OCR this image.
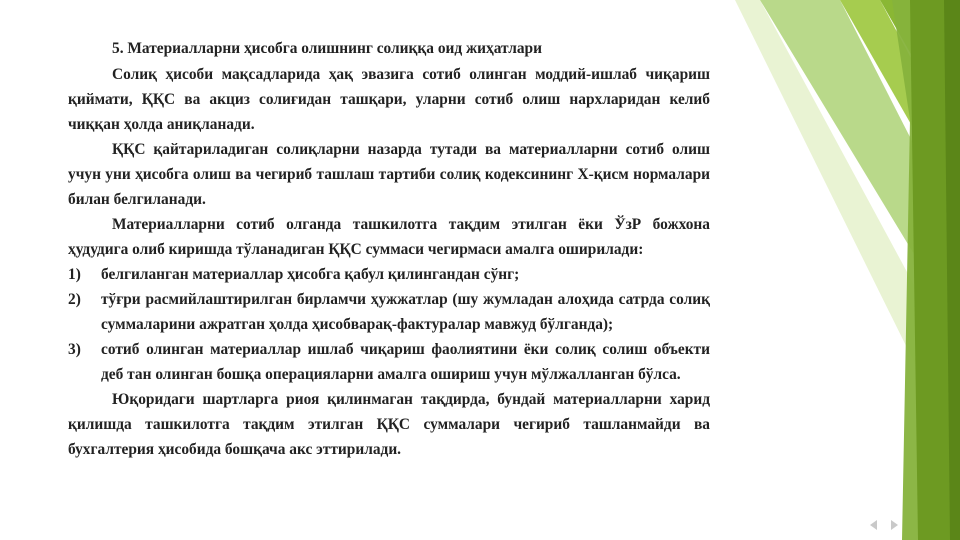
5. Материалларни ҳисобга олишнинг солиққа оид жиҳатлари

Солиқ ҳисоби мақсадларида ҳақ эвазига сотиб олинган моддий-ишлаб чиқариш қиймати, ҚҚС ва акциз солиғидан ташқари, уларни сотиб олиш нархларидан келиб чиққан ҳолда аниқланади.

ҚҚС қайтариладиган солиқларни назарда тутади ва материалларни сотиб олиш учун уни ҳисобга олиш ва чегириб ташлаш тартиби солиқ кодексининг X-қисм нормалари билан белгиланади.

Материалларни сотиб олганда ташкилотга тақдим этилган ёки ЎзР божхона ҳудудига олиб киришда тўланадиган ҚҚС суммаси чегирмаси амалга оширилади:

1)	белгиланган материаллар ҳисобга қабул қилингандан сўнг;
2)	тўғри расмийлаштирилган бирламчи ҳужжатлар (шу жумладан алоҳида сатрда солиқ суммаларини ажратган ҳолда ҳисобварақ-фактуралар мавжуд бўлганда);
3)	сотиб олинган материаллар ишлаб чиқариш фаолиятини ёки солиқ солиш объекти деб тан олинган бошқа операцияларни амалга ошириш учун мўлжалланган бўлса.

Юқоридаги шартларга риоя қилинмаган тақдирда, бундай материалларни харид қилишда ташкилотга тақдим этилган ҚҚС суммалари чегириб ташланмайди ва бухгалтерия ҳисобида бошқача акс эттирилади.
